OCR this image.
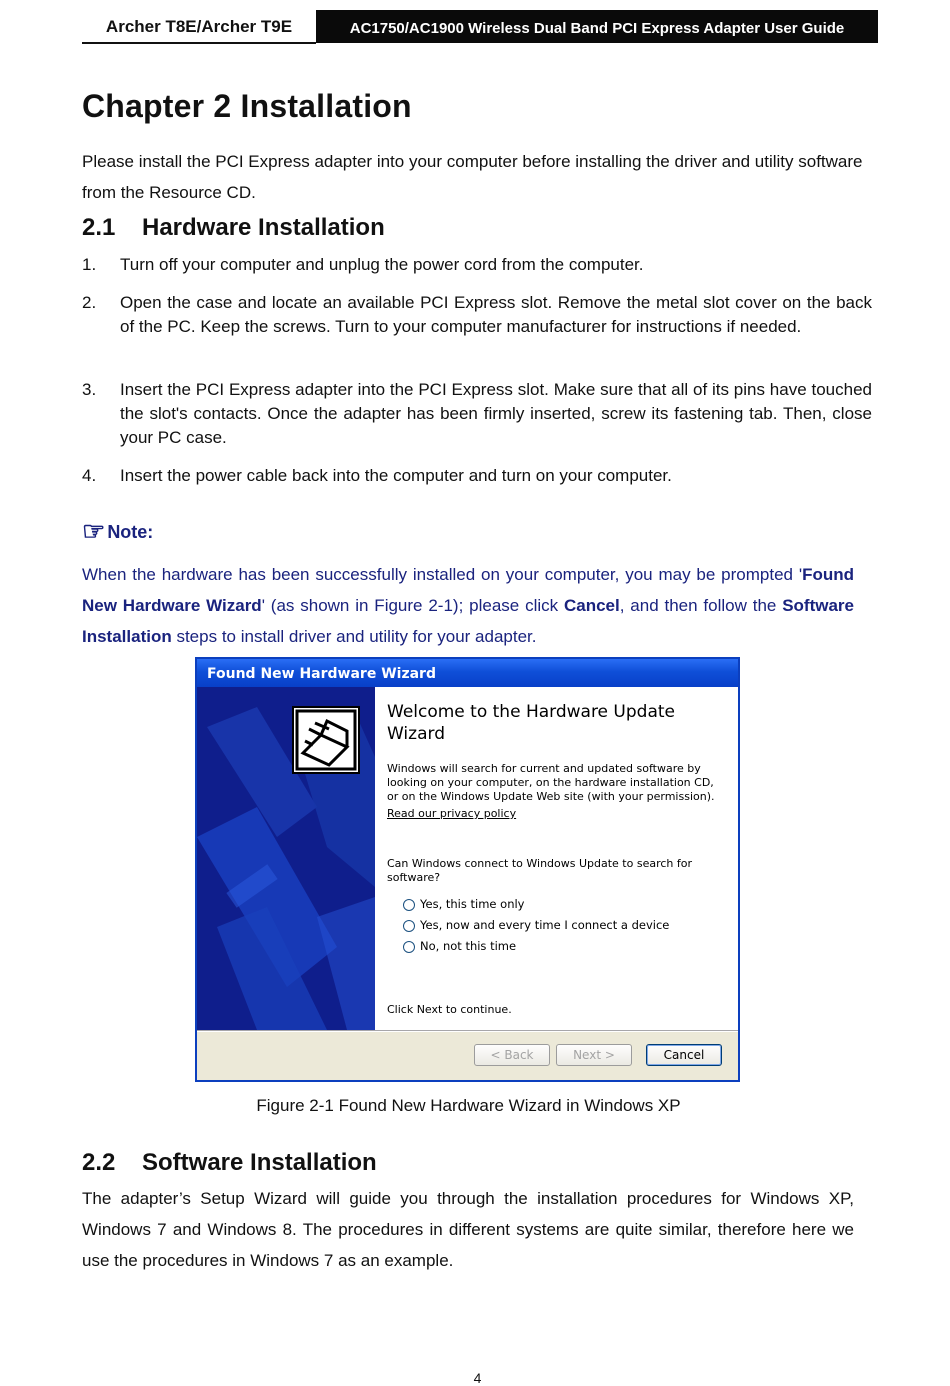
Archer T8E/Archer T9E	AC1750/AC1900 Wireless Dual Band PCI Express Adapter User Guide
Chapter 2 Installation
Please install the PCI Express adapter into your computer before installing the driver and utility software from the Resource CD.
2.1 Hardware Installation
1. Turn off your computer and unplug the power cord from the computer.
2. Open the case and locate an available PCI Express slot. Remove the metal slot cover on the back of the PC. Keep the screws. Turn to your computer manufacturer for instructions if needed.
3. Insert the PCI Express adapter into the PCI Express slot. Make sure that all of its pins have touched the slot's contacts. Once the adapter has been firmly inserted, screw its fastening tab. Then, close your PC case.
4. Insert the power cable back into the computer and turn on your computer.
☞ Note:
When the hardware has been successfully installed on your computer, you may be prompted 'Found New Hardware Wizard' (as shown in Figure 2-1); please click Cancel, and then follow the Software Installation steps to install driver and utility for your adapter.
Found New Hardware Wizard
Welcome to the Hardware Update Wizard
Windows will search for current and updated software by looking on your computer, on the hardware installation CD, or on the Windows Update Web site (with your permission).
Read our privacy policy
Can Windows connect to Windows Update to search for software?
Yes, this time only
Yes, now and every time I connect a device
No, not this time
Click Next to continue.
< Back	Next >	Cancel
Figure 2-1 Found New Hardware Wizard in Windows XP
2.2 Software Installation
The adapter’s Setup Wizard will guide you through the installation procedures for Windows XP, Windows 7 and Windows 8. The procedures in different systems are quite similar, therefore here we use the procedures in Windows 7 as an example.
4
